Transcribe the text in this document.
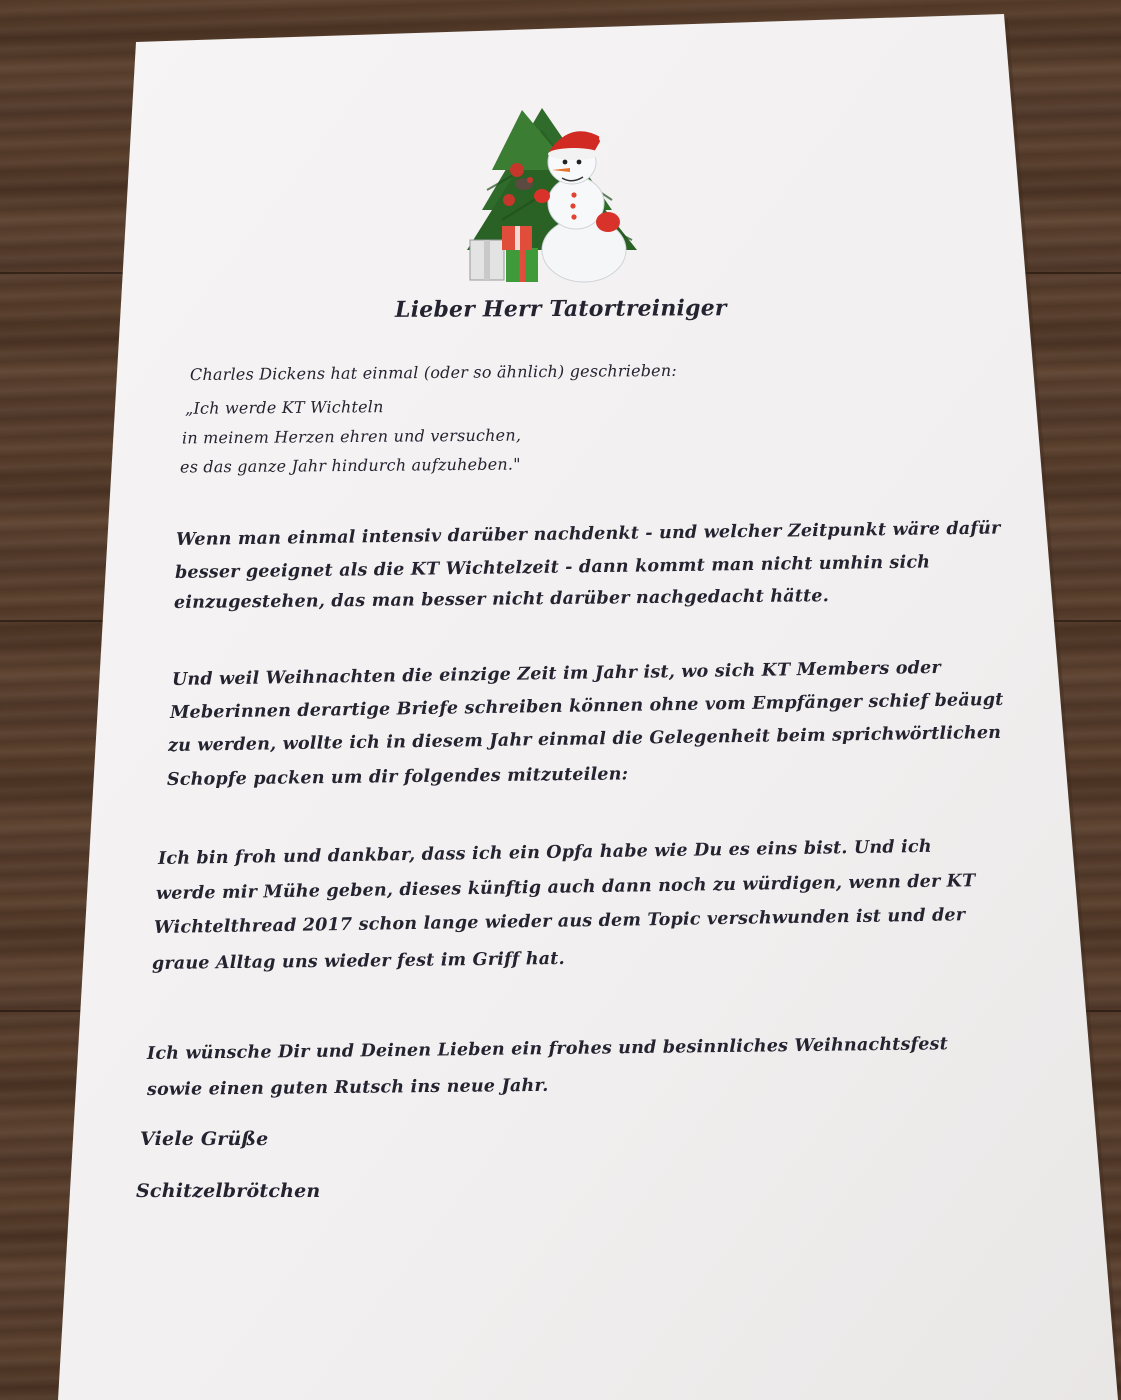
Lieber Herr Tatortreiniger
Charles Dickens hat einmal (oder so ähnlich) geschrieben:
„Ich werde KT Wichteln
in meinem Herzen ehren und versuchen,
es das ganze Jahr hindurch aufzuheben."
Wenn man einmal intensiv darüber nachdenkt - und welcher Zeitpunkt wäre dafür
besser geeignet als die KT Wichtelzeit - dann kommt man nicht umhin sich
einzugestehen, das man besser nicht darüber nachgedacht hätte.
Und weil Weihnachten die einzige Zeit im Jahr ist, wo sich KT Members oder
Meberinnen derartige Briefe schreiben können ohne vom Empfänger schief beäugt
zu werden, wollte ich in diesem Jahr einmal die Gelegenheit beim sprichwörtlichen
Schopfe packen um dir folgendes mitzuteilen:
Ich bin froh und dankbar, dass ich ein Opfa habe wie Du es eins bist. Und ich
werde mir Mühe geben, dieses künftig auch dann noch zu würdigen, wenn der KT
Wichtelthread 2017 schon lange wieder aus dem Topic verschwunden ist und der
graue Alltag uns wieder fest im Griff hat.
Ich wünsche Dir und Deinen Lieben ein frohes und besinnliches Weihnachtsfest
sowie einen guten Rutsch ins neue Jahr.
Viele Grüße
Schitzelbrötchen
